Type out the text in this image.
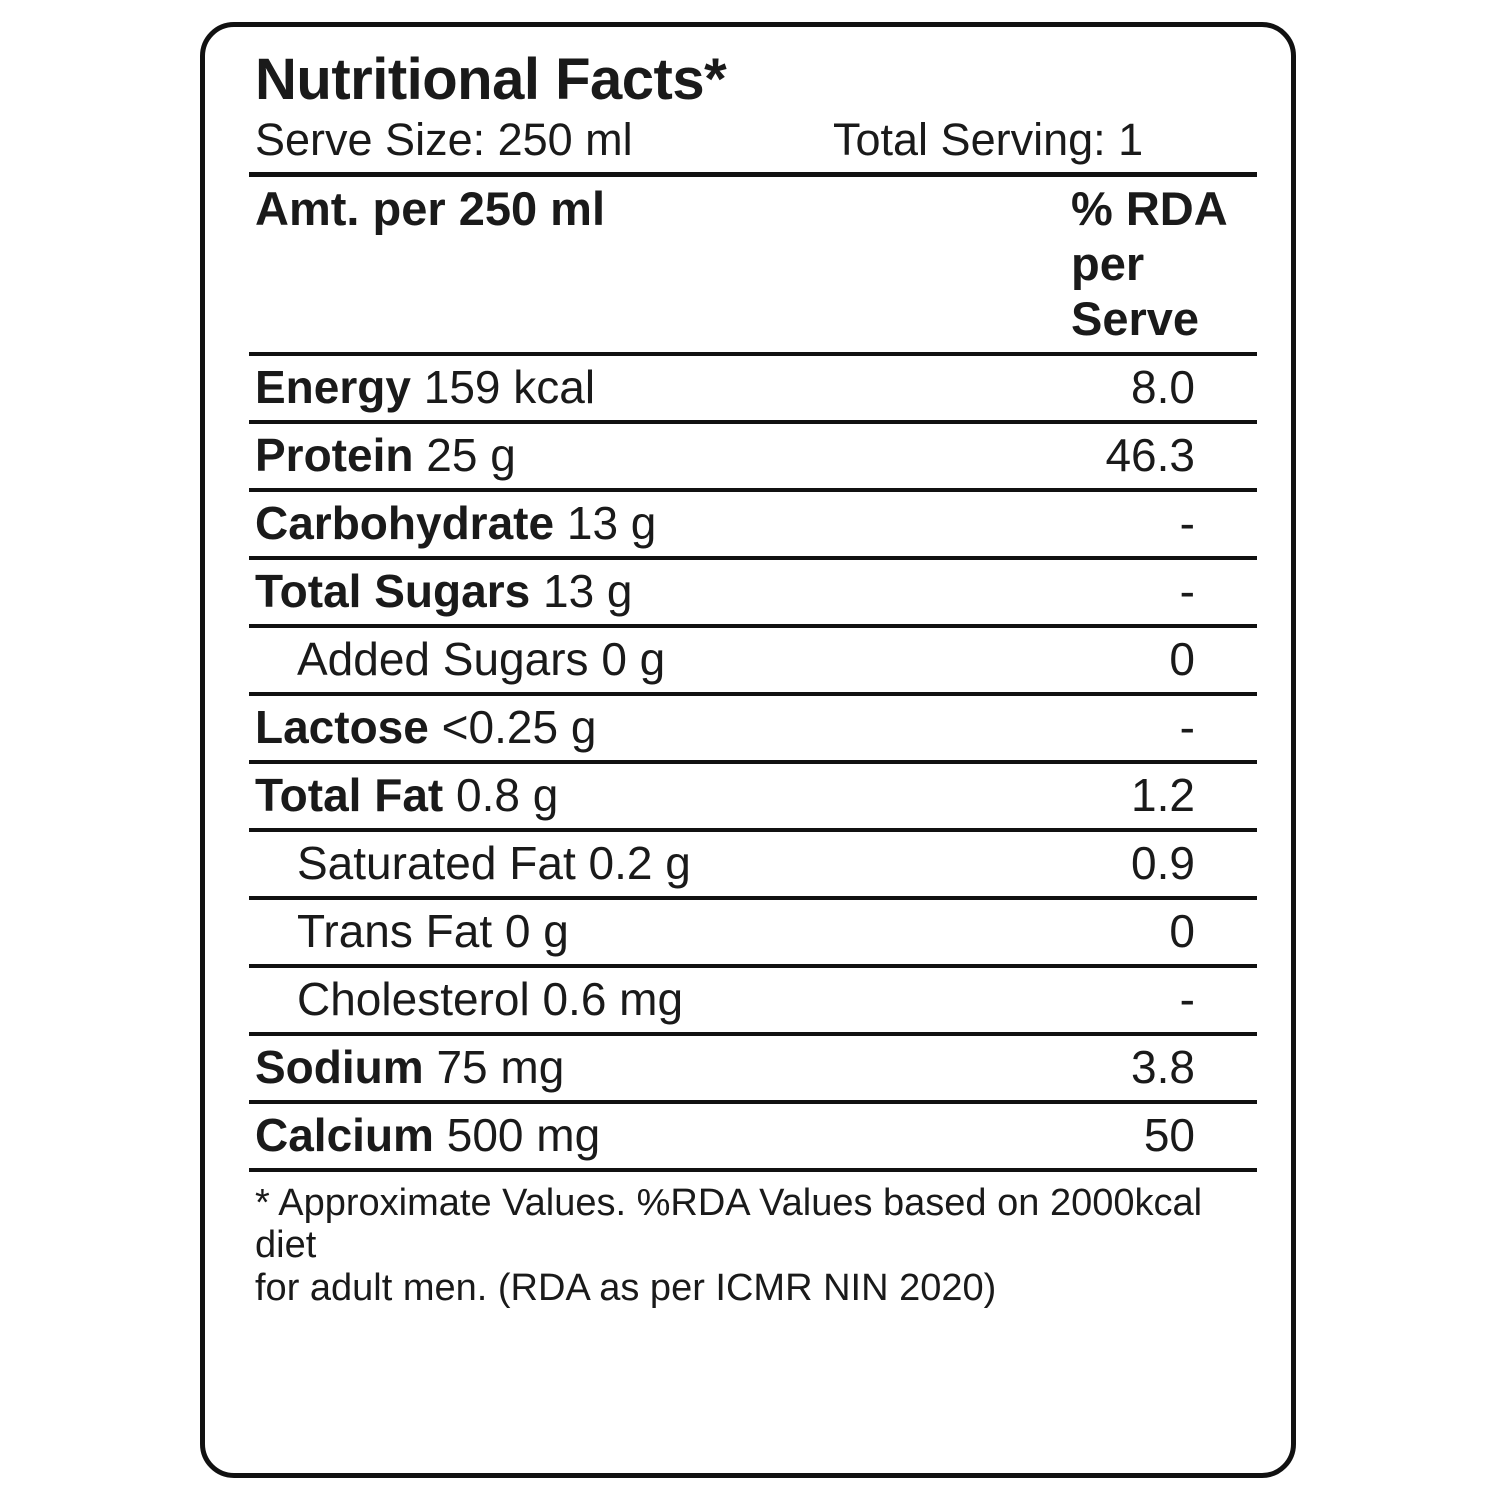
Nutritional Facts*
Serve Size: 250 ml	Total Serving: 1
Amt. per 250 ml	% RDA per Serve
Energy 159 kcal	8.0
Protein 25 g	46.3
Carbohydrate 13 g	-
Total Sugars 13 g	-
Added Sugars 0 g	0
Lactose <0.25 g	-
Total Fat 0.8 g	1.2
Saturated Fat 0.2 g	0.9
Trans Fat 0 g	0
Cholesterol 0.6 mg	-
Sodium 75 mg	3.8
Calcium 500 mg	50

* Approximate Values. %RDA Values based on 2000kcal diet
for adult men. (RDA as per ICMR NIN 2020)	
